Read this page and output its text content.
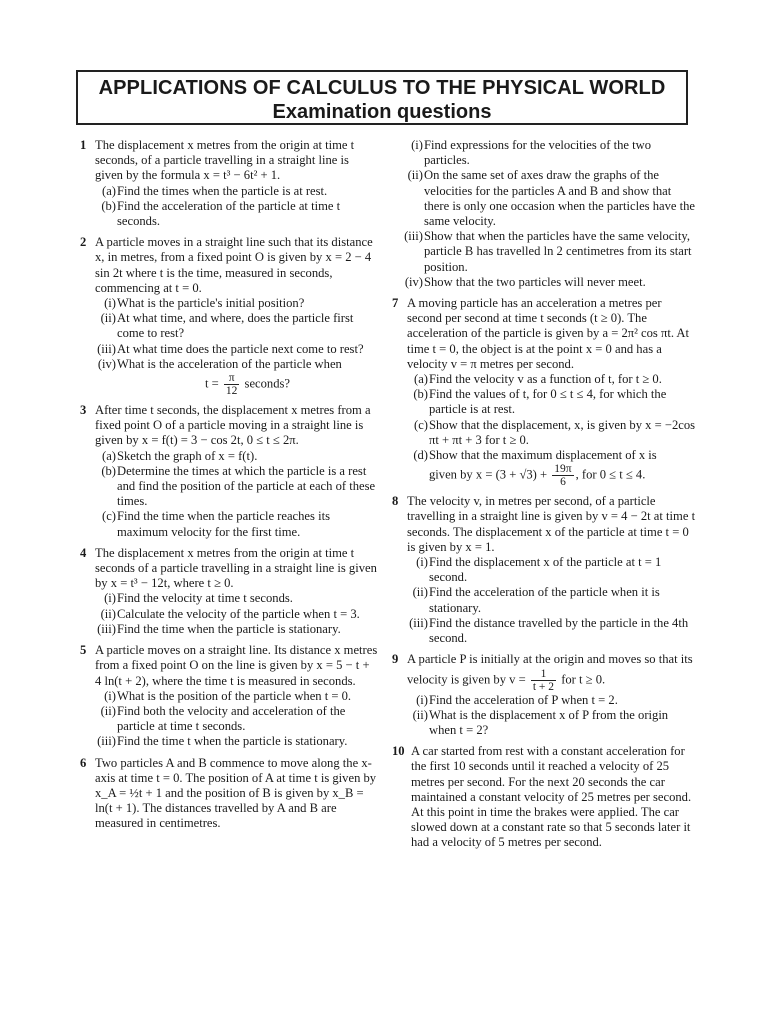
APPLICATIONS OF CALCULUS TO THE PHYSICAL WORLD
Examination questions
1 The displacement x metres from the origin at time t seconds, of a particle travelling in a straight line is given by the formula x = t³ − 6t² + 1.
(a) Find the times when the particle is at rest.
(b) Find the acceleration of the particle at time t seconds.
2 A particle moves in a straight line such that its distance x, in metres, from a fixed point O is given by x = 2 − 4 sin 2t where t is the time, measured in seconds, commencing at t = 0.
(i) What is the particle's initial position?
(ii) At what time, and where, does the particle first come to rest?
(iii) At what time does the particle next come to rest?
(iv) What is the acceleration of the particle when
$t = \frac{\pi}{12}$ seconds?
3 After time t seconds, the displacement x metres from a fixed point O of a particle moving in a straight line is given by x = f(t) = 3 − cos 2t, 0 ≤ t ≤ 2π.
(a) Sketch the graph of x = f(t).
(b) Determine the times at which the particle is a rest and find the position of the particle at each of these times.
(c) Find the time when the particle reaches its maximum velocity for the first time.
4 The displacement x metres from the origin at time t seconds of a particle travelling in a straight line is given by x = t³ − 12t, where t ≥ 0.
(i) Find the velocity at time t seconds.
(ii) Calculate the velocity of the particle when t = 3.
(iii) Find the time when the particle is stationary.
5 A particle moves on a straight line. Its distance x metres from a fixed point O on the line is given by x = 5 − t + 4 ln(t + 2), where the time t is measured in seconds.
(i) What is the position of the particle when t = 0.
(ii) Find both the velocity and acceleration of the particle at time t seconds.
(iii) Find the time t when the particle is stationary.
6 Two particles A and B commence to move along the x-axis at time t = 0. The position of A at time t is given by x_A = ½t + 1 and the position of B is given by x_B = ln(t + 1). The distances travelled by A and B are measured in centimetres.
(i) Find expressions for the velocities of the two particles.
(ii) On the same set of axes draw the graphs of the velocities for the particles A and B and show that there is only one occasion when the particles have the same velocity.
(iii) Show that when the particles have the same velocity, particle B has travelled ln 2 centimetres from its start position.
(iv) Show that the two particles will never meet.
7 A moving particle has an acceleration a metres per second per second at time t seconds (t ≥ 0). The acceleration of the particle is given by a = 2π² cos πt. At time t = 0, the object is at the point x = 0 and has a velocity v = π metres per second.
(a) Find the velocity v as a function of t, for t ≥ 0.
(b) Find the values of t, for 0 ≤ t ≤ 4, for which the particle is at rest.
(c) Show that the displacement, x, is given by x = −2cos πt + πt + 3 for t ≥ 0.
(d) Show that the maximum displacement of x is
given by $x = (3 + √3) + \frac{19\pi}{6}$ , for 0 ≤ t ≤ 4.
8 The velocity v, in metres per second, of a particle travelling in a straight line is given by v = 4 − 2t at time t seconds. The displacement x of the particle at time t = 0 is given by x = 1.
(i) Find the displacement x of the particle at t = 1 second.
(ii) Find the acceleration of the particle when it is stationary.
(iii) Find the distance travelled by the particle in the 4th second.
9 A particle P is initially at the origin and moves so that its velocity is given by $v = \frac{1}{t + 2}$ for t ≥ 0.
(i) Find the acceleration of P when t = 2.
(ii) What is the displacement x of P from the origin when t = 2?
10 A car started from rest with a constant acceleration for the first 10 seconds until it reached a velocity of 25 metres per second. For the next 20 seconds the car maintained a constant velocity of 25 metres per second. At this point in time the brakes were applied. The car slowed down at a constant rate so that 5 seconds later it had a velocity of 5 metres per second.
